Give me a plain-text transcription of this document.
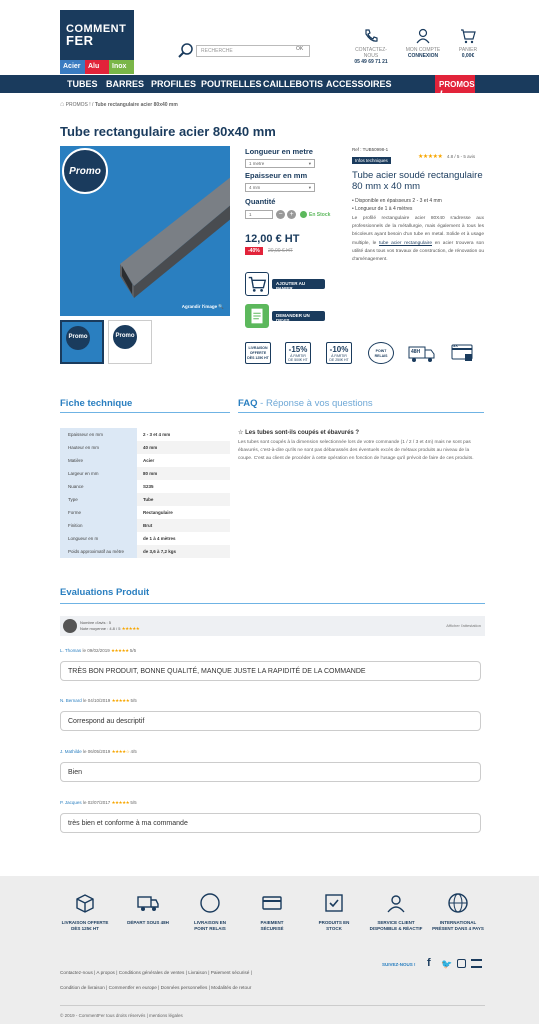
COMMENT
FER
Acier	Alu	Inox
RECHERCHE	OK	CONTACTEZ-NOUS
05 49 69 71 21
MON COMPTE
CONNEXION
PANIER
0,00€
TUBES BARRES PROFILES POUTRELLES CAILLEBOTIS ACCESSOIRES	PROMOS !
⌂ PROMOS ! / Tube rectangulaire acier 80x40 mm
Tube rectangulaire acier 80x40 mm
Promo
Agrandir l'image 🔍
Promo	Promo
Longueur en metre
1 metre	▾
Epaisseur en mm
4 mm	▾
Quantité
1	− +	En Stock
12,00 € HT
-40%	20,00 € HT
AJOUTER AU PANIER
DEMANDER UN DEVIS
Ref : TUB50998-1
★★★★★ 4.8 / 5 - 5 avis
Infos techniques
Tube acier soudé rectangulaire 80 mm x 40 mm
• Disponible en épaisseurs 2 - 3 et 4 mm
• Longueur de 1 à 4 mètres
Le profilé rectangulaire acier 80X40 s'adresse aux professionnels de la métallurgie, mais également à tous les bricoleurs ayant besoin d'un tube en metal. Solide et à usage multiple, le tube acier rectangulaire en acier trouvera son utilité dans tous vos travaux de construction, de rénovation ou d'aménagement.
LIVRAISON
OFFERTE
DÈS 125€ HT
-15%
À PARTIR
DE 500€ HT
-10%
À PARTIR
DE 250€ HT
POINT
RELAIS
48H
3X
Fiche technique
Epaisseur en mm	2 - 3 et 4 mm
Hauteur en mm	40 mm
Matière	Acier
Largeur en mm	80 mm
Nuance	S235
Type	Tube
Forme	Rectangulaire
Finition	Brut
Longueur en m	de 1 à 4 mètres
Poids approximatif au mètre	de 3,6 à 7,2 kgs
FAQ - Réponse à vos questions
☆ Les tubes sont-ils coupés et ébavurés ?
Les tubes sont coupés à la dimension selectionnée lors de votre commande (1 / 2 / 3 et 4m) mais ne sont pas ébavurés, c'est-à-dire qu'ils ne sont pas débarassés des éventuels excès de métaux produits au niveau de la coupe. C'est au client de procéder à cette opération en fonction de l'usage qu'il prévoit de faire de ces produits.
Evaluations Produit
Nombre d'avis : 5
Note moyenne : 4.8 / 5 ★★★★★
Afficher l'attestation
L. Thomas le 09/02/2019 ★★★★★ 5/5
TRÈS BON PRODUIT, BONNE QUALITÉ, MANQUE JUSTE LA RAPIDITÉ DE LA COMMANDE
N. Bernard le 04/10/2019 ★★★★★ 5/5
Correspond au descriptif
J. Mathilde le 06/05/2019 ★★★★☆ 4/5
Bien
P. Jacques le 02/07/2017 ★★★★★ 5/5
très bien et conforme à ma commande
LIVRAISON OFFERTE
DÈS 125€ HT
DÉPART SOUS 48H	LIVRAISON EN
POINT RELAIS
PAIEMENT
SÉCURISÉ
PRODUITS EN
STOCK
SERVICE CLIENT
DISPONIBLE & RÉACTIF
INTERNATIONAL
PRÉSENT DANS 4 PAYS
SUIVEZ-NOUS ! f 🐦
Contactez-nous | A propos | Conditions générales de ventes | Livraison | Paiement sécurisé |
Condition de livraison | Commentfer en europe | Données personnelles | Modalités de retour
© 2019 - CommentFer tous droits réservés | mentions légales
